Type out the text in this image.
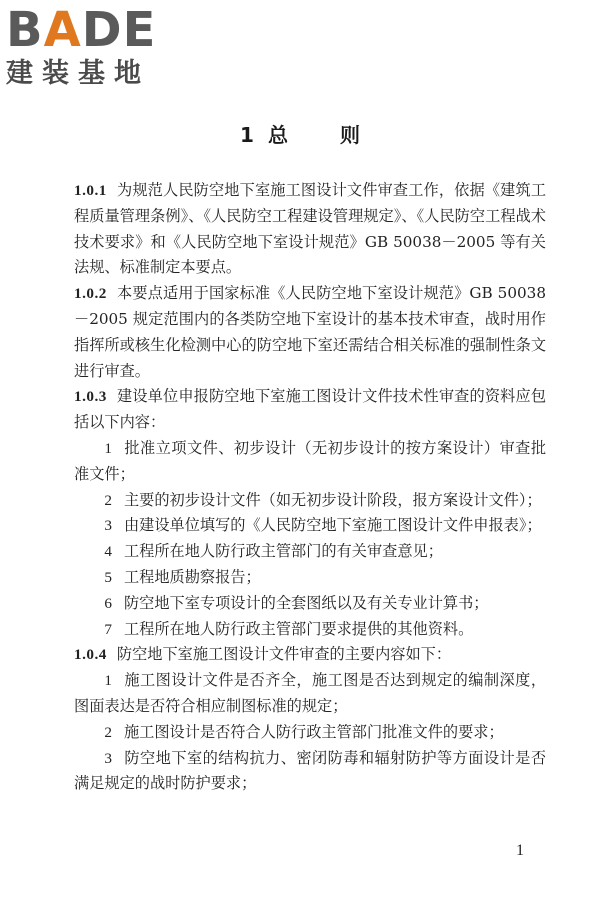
BADE
建装基地
1 总	则

1.0.1 为规范人民防空地下室施工图设计文件审查工作，依据《建筑工程质量管理条例》、《人民防空工程建设管理规定》、《人民防空工程战术技术要求》和《人民防空地下室设计规范》GB 50038－2005 等有关法规、标准制定本要点。

1.0.2 本要点适用于国家标准《人民防空地下室设计规范》GB 50038－2005 规定范围内的各类防空地下室设计的基本技术审查，战时用作指挥所或核生化检测中心的防空地下室还需结合相关标准的强制性条文进行审查。

1.0.3 建设单位申报防空地下室施工图设计文件技术性审查的资料应包括以下内容：

1 批准立项文件、初步设计（无初步设计的按方案设计）审查批准文件；

2 主要的初步设计文件（如无初步设计阶段，报方案设计文件）；

3 由建设单位填写的《人民防空地下室施工图设计文件申报表》；

4 工程所在地人防行政主管部门的有关审查意见；

5 工程地质勘察报告；

6 防空地下室专项设计的全套图纸以及有关专业计算书；

7 工程所在地人防行政主管部门要求提供的其他资料。

1.0.4 防空地下室施工图设计文件审查的主要内容如下：

1 施工图设计文件是否齐全，施工图是否达到规定的编制深度，图面表达是否符合相应制图标准的规定；

2 施工图设计是否符合人防行政主管部门批准文件的要求；

3 防空地下室的结构抗力、密闭防毒和辐射防护等方面设计是否满足规定的战时防护要求；

1
